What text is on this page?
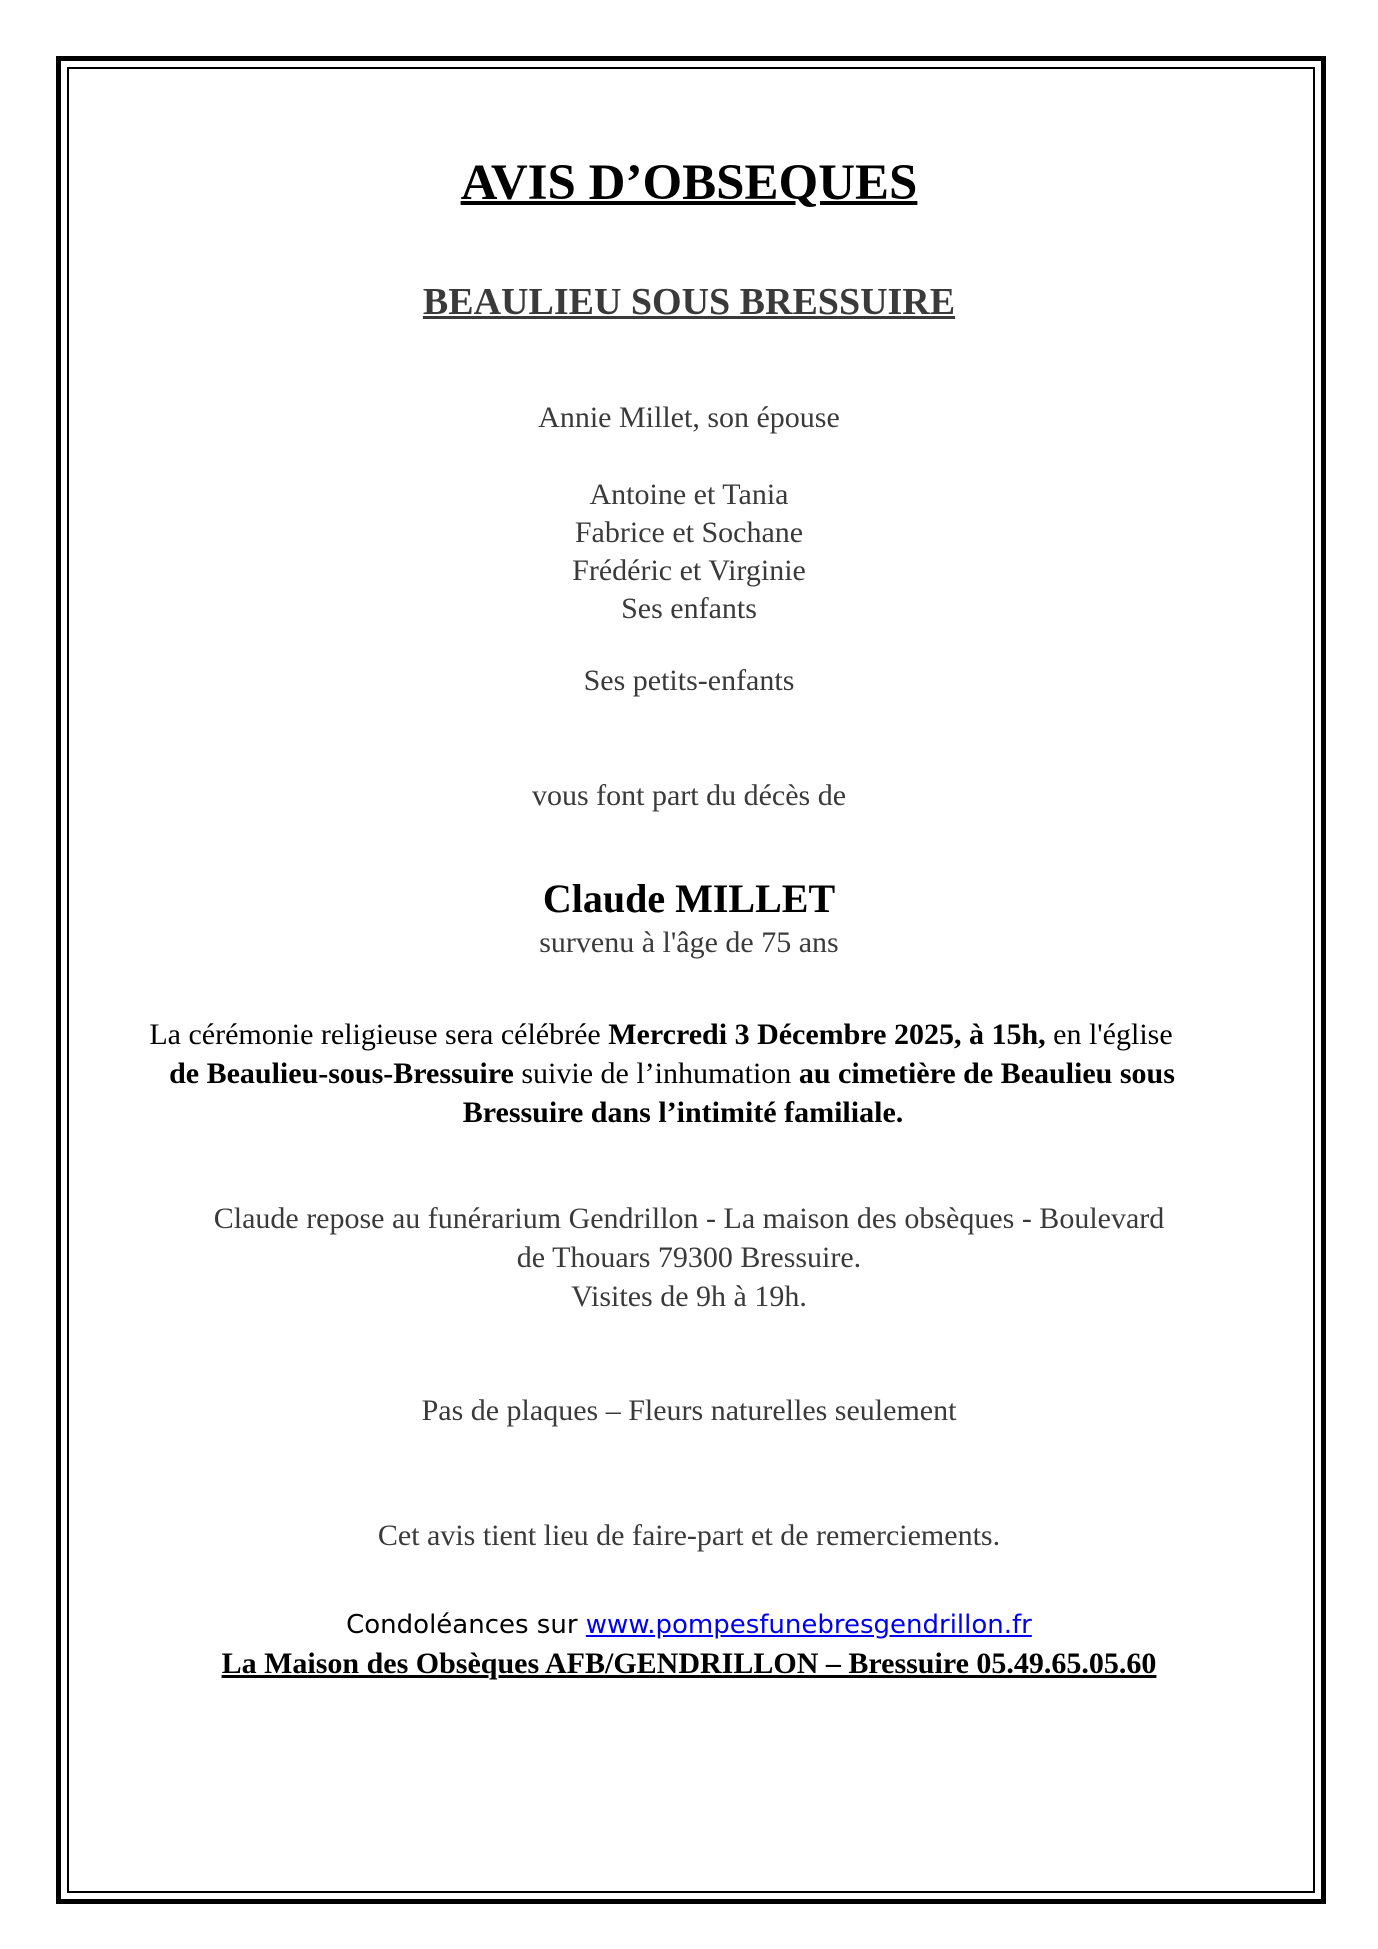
AVIS D’OBSEQUES
BEAULIEU SOUS BRESSUIRE
Annie Millet, son épouse
Antoine et Tania
Fabrice et Sochane
Frédéric et Virginie
Ses enfants
Ses petits-enfants
vous font part du décès de
Claude MILLET
survenu à l'âge de 75 ans
La cérémonie religieuse sera célébrée Mercredi 3 Décembre 2025, à 15h, en l'église
de Beaulieu-sous-Bressuire suivie de l’inhumation au cimetière de Beaulieu sous
Bressuire dans l’intimité familiale.
Claude repose au funérarium Gendrillon - La maison des obsèques - Boulevard
de Thouars 79300 Bressuire.
Visites de 9h à 19h.
Pas de plaques – Fleurs naturelles seulement
Cet avis tient lieu de faire-part et de remerciements.
Condoléances sur www.pompesfunebresgendrillon.fr
La Maison des Obsèques AFB/GENDRILLON – Bressuire 05.49.65.05.60
